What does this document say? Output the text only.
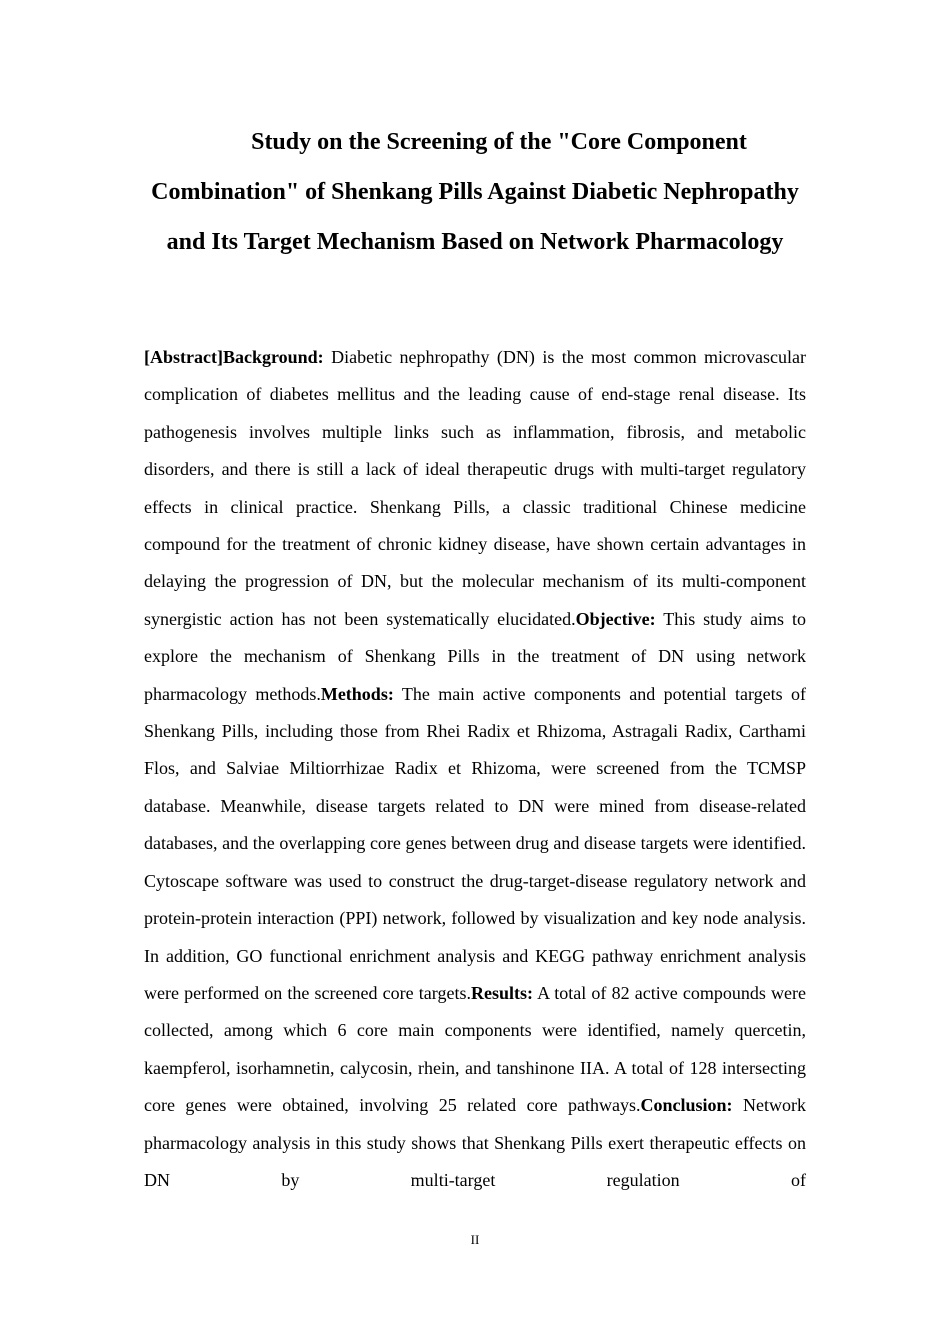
Study on the Screening of the "Core Component Combination" of Shenkang Pills Against Diabetic Nephropathy and Its Target Mechanism Based on Network Pharmacology

[Abstract]Background: Diabetic nephropathy (DN) is the most common microvascular complication of diabetes mellitus and the leading cause of end-stage renal disease. Its pathogenesis involves multiple links such as inflammation, fibrosis, and metabolic disorders, and there is still a lack of ideal therapeutic drugs with multi-target regulatory effects in clinical practice. Shenkang Pills, a classic traditional Chinese medicine compound for the treatment of chronic kidney disease, have shown certain advantages in delaying the progression of DN, but the molecular mechanism of its multi-component synergistic action has not been systematically elucidated.Objective: This study aims to explore the mechanism of Shenkang Pills in the treatment of DN using network pharmacology methods.Methods: The main active components and potential targets of Shenkang Pills, including those from Rhei Radix et Rhizoma, Astragali Radix, Carthami Flos, and Salviae Miltiorrhizae Radix et Rhizoma, were screened from the TCMSP database. Meanwhile, disease targets related to DN were mined from disease-related databases, and the overlapping core genes between drug and disease targets were identified. Cytoscape software was used to construct the drug-target-disease regulatory network and protein-protein interaction (PPI) network, followed by visualization and key node analysis. In addition, GO functional enrichment analysis and KEGG pathway enrichment analysis were performed on the screened core targets.Results: A total of 82 active compounds were collected, among which 6 core main components were identified, namely quercetin, kaempferol, isorhamnetin, calycosin, rhein, and tanshinone IIA. A total of 128 intersecting core genes were obtained, involving 25 related core pathways.Conclusion: Network pharmacology analysis in this study shows that Shenkang Pills exert therapeutic effects on DN by multi-target regulation of

II
